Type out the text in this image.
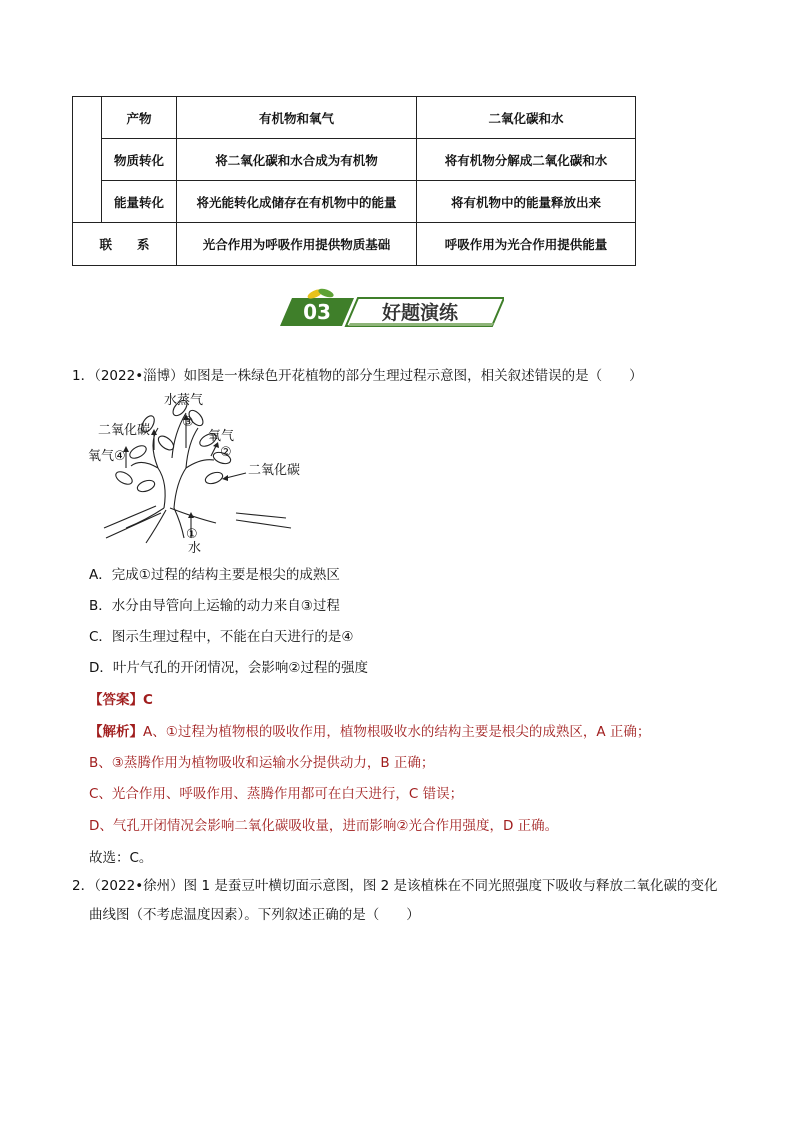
	产物	有机物和氧气	二氧化碳和水
	物质转化	将二氧化碳和水合成为有机物	将有机物分解成二氧化碳和水
	能量转化	将光能转化成储存在有机物中的能量	将有机物中的能量释放出来
联　　系		光合作用为呼吸作用提供物质基础	呼吸作用为光合作用提供能量
03	好题演练
1．（2022•淄博）如图是一株绿色开花植物的部分生理过程示意图，相关叙述错误的是（　　）
水蒸气
③
二氧化碳	氧气
②
氧气④
二氧化碳
①
水
A．完成①过程的结构主要是根尖的成熟区
B．水分由导管向上运输的动力来自③过程
C．图示生理过程中，不能在白天进行的是④
D．叶片气孔的开闭情况，会影响②过程的强度
【答案】C
【解析】A、①过程为植物根的吸收作用，植物根吸收水的结构主要是根尖的成熟区，A 正确；
B、③蒸腾作用为植物吸收和运输水分提供动力，B 正确；
C、光合作用、呼吸作用、蒸腾作用都可在白天进行，C 错误；
D、气孔开闭情况会影响二氧化碳吸收量，进而影响②光合作用强度，D 正确。
故选：C。
2．（2022•徐州）图 1 是蚕豆叶横切面示意图，图 2 是该植株在不同光照强度下吸收与释放二氧化碳的变化
曲线图（不考虑温度因素）。下列叙述正确的是（　　）
